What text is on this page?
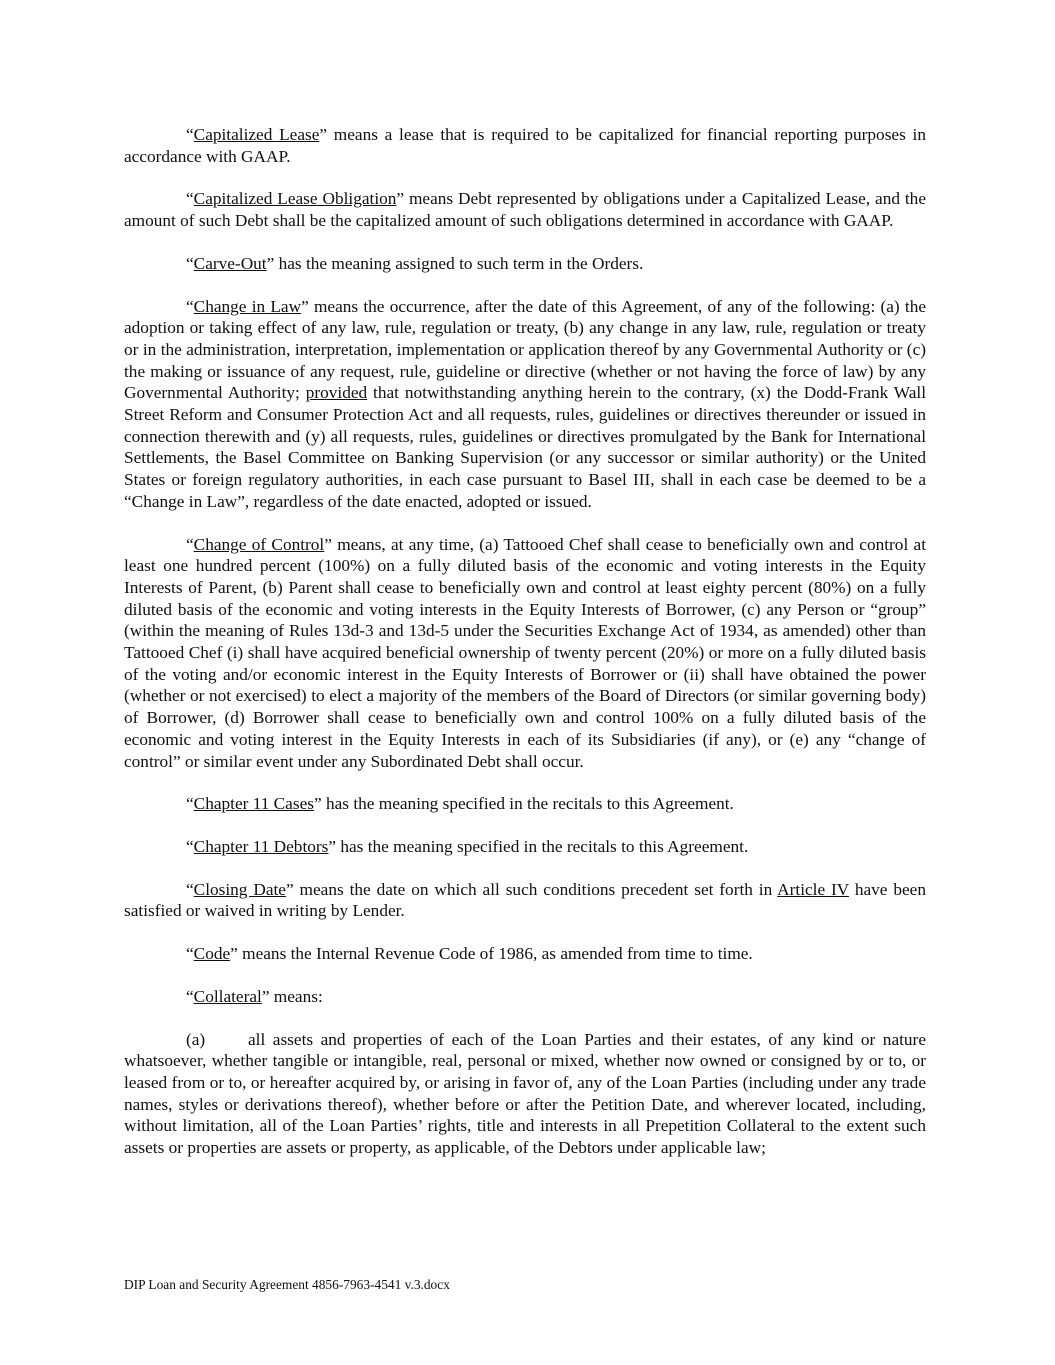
“Capitalized Lease” means a lease that is required to be capitalized for financial reporting purposes in accordance with GAAP.

“Capitalized Lease Obligation” means Debt represented by obligations under a Capitalized Lease, and the amount of such Debt shall be the capitalized amount of such obligations determined in accordance with GAAP.

“Carve-Out” has the meaning assigned to such term in the Orders.

“Change in Law” means the occurrence, after the date of this Agreement, of any of the following: (a) the adoption or taking effect of any law, rule, regulation or treaty, (b) any change in any law, rule, regulation or treaty or in the administration, interpretation, implementation or application thereof by any Governmental Authority or (c) the making or issuance of any request, rule, guideline or directive (whether or not having the force of law) by any Governmental Authority; provided that notwithstanding anything herein to the contrary, (x) the Dodd-Frank Wall Street Reform and Consumer Protection Act and all requests, rules, guidelines or directives thereunder or issued in connection therewith and (y) all requests, rules, guidelines or directives promulgated by the Bank for International Settlements, the Basel Committee on Banking Supervision (or any successor or similar authority) or the United States or foreign regulatory authorities, in each case pursuant to Basel III, shall in each case be deemed to be a “Change in Law”, regardless of the date enacted, adopted or issued.

“Change of Control” means, at any time, (a) Tattooed Chef shall cease to beneficially own and control at least one hundred percent (100%) on a fully diluted basis of the economic and voting interests in the Equity Interests of Parent, (b) Parent shall cease to beneficially own and control at least eighty percent (80%) on a fully diluted basis of the economic and voting interests in the Equity Interests of Borrower, (c) any Person or “group” (within the meaning of Rules 13d-3 and 13d-5 under the Securities Exchange Act of 1934, as amended) other than Tattooed Chef (i) shall have acquired beneficial ownership of twenty percent (20%) or more on a fully diluted basis of the voting and/or economic interest in the Equity Interests of Borrower or (ii) shall have obtained the power (whether or not exercised) to elect a majority of the members of the Board of Directors (or similar governing body) of Borrower, (d) Borrower shall cease to beneficially own and control 100% on a fully diluted basis of the economic and voting interest in the Equity Interests in each of its Subsidiaries (if any), or (e) any “change of control” or similar event under any Subordinated Debt shall occur.

“Chapter 11 Cases” has the meaning specified in the recitals to this Agreement.

“Chapter 11 Debtors” has the meaning specified in the recitals to this Agreement.

“Closing Date” means the date on which all such conditions precedent set forth in Article IV have been satisfied or waived in writing by Lender.

“Code” means the Internal Revenue Code of 1986, as amended from time to time.

“Collateral” means:

(a) all assets and properties of each of the Loan Parties and their estates, of any kind or nature whatsoever, whether tangible or intangible, real, personal or mixed, whether now owned or consigned by or to, or leased from or to, or hereafter acquired by, or arising in favor of, any of the Loan Parties (including under any trade names, styles or derivations thereof), whether before or after the Petition Date, and wherever located, including, without limitation, all of the Loan Parties’ rights, title and interests in all Prepetition Collateral to the extent such assets or properties are assets or property, as applicable, of the Debtors under applicable law;

DIP Loan and Security Agreement 4856-7963-4541 v.3.docx
